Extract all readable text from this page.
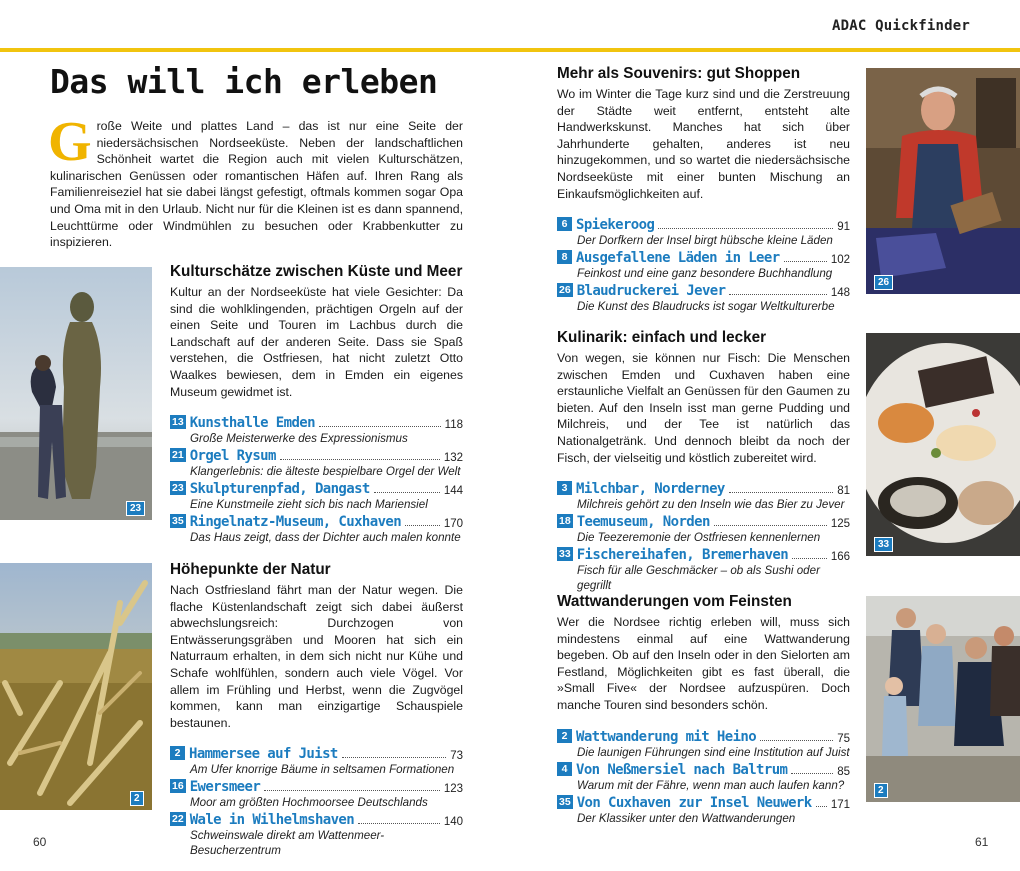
ADAC Quickfinder
Das will ich erleben
Große Weite und plattes Land – das ist nur eine Seite der niedersächsischen Nordseeküste. Neben der landschaftlichen Schönheit wartet die Region auch mit vielen Kulturschätzen, kulinarischen Genüssen oder romantischen Häfen auf. Ihren Rang als Familienreiseziel hat sie dabei längst gefestigt, oftmals kommen sogar Opa und Oma mit in den Urlaub. Nicht nur für die Kleinen ist es dann spannend, Leuchttürme oder Windmühlen zu besuchen oder Krabbenkutter zu inspizieren.
23
2
26
33
2
Kulturschätze zwischen Küste und Meer

Kultur an der Nordseeküste hat viele Gesichter: Da sind die wohlklingenden, prächtigen Orgeln auf der einen Seite und Touren im Lachbus durch die Landschaft auf der anderen Seite. Dass sie Spaß verstehen, die Ostfriesen, hat nicht zuletzt Otto Waalkes bewiesen, dem in Emden ein eigenes Museum gewidmet ist.

13 Kunsthalle Emden	118
Große Meisterwerke des Expressionismus
21 Orgel Rysum	132
Klangerlebnis: die älteste bespielbare Orgel der Welt
23 Skulpturenpfad, Dangast	144
Eine Kunstmeile zieht sich bis nach Mariensiel
35 Ringelnatz-Museum, Cuxhaven	170
Das Haus zeigt, dass der Dichter auch malen konnte
Höhepunkte der Natur

Nach Ostfriesland fährt man der Natur wegen. Die flache Küstenlandschaft zeigt sich dabei äußerst abwechslungsreich: Durchzogen von Entwässerungsgräben und Mooren hat sich ein Naturraum erhalten, in dem sich nicht nur Kühe und Schafe wohlfühlen, sondern auch viele Vögel. Vor allem im Frühling und Herbst, wenn die Zugvögel kommen, kann man einzigartige Schauspiele bestaunen.

2 Hammersee auf Juist	73
Am Ufer knorrige Bäume in seltsamen Formationen
16 Ewersmeer	123
Moor am größten Hochmoorsee Deutschlands
22 Wale in Wilhelmshaven	140
Schweinswale direkt am Wattenmeer-Besucherzentrum
Mehr als Souvenirs: gut Shoppen

Wo im Winter die Tage kurz sind und die Zerstreuung der Städte weit entfernt, entsteht alte Handwerkskunst. Manches hat sich über Jahrhunderte gehalten, anderes ist neu hinzugekommen, und so wartet die niedersächsische Nordseeküste mit einer bunten Mischung an Einkaufsmöglichkeiten auf.

6 Spiekeroog	91
Der Dorfkern der Insel birgt hübsche kleine Läden
8 Ausgefallene Läden in Leer	102
Feinkost und eine ganz besondere Buchhandlung
26 Blaudruckerei Jever	148
Die Kunst des Blaudrucks ist sogar Weltkulturerbe
Kulinarik: einfach und lecker

Von wegen, sie können nur Fisch: Die Menschen zwischen Emden und Cuxhaven haben eine erstaunliche Vielfalt an Genüssen für den Gaumen zu bieten. Auf den Inseln isst man gerne Pudding und Milchreis, und der Tee ist natürlich das Nationalgetränk. Und dennoch bleibt da noch der Fisch, der vielseitig und köstlich zubereitet wird.

3 Milchbar, Norderney	81
Milchreis gehört zu den Inseln wie das Bier zu Jever
18 Teemuseum, Norden	125
Die Teezeremonie der Ostfriesen kennenlernen
33 Fischereihafen, Bremerhaven	166
Fisch für alle Geschmäcker – ob als Sushi oder gegrillt
Wattwanderungen vom Feinsten

Wer die Nordsee richtig erleben will, muss sich mindestens einmal auf eine Wattwanderung begeben. Ob auf den Inseln oder in den Sielorten am Festland, Möglichkeiten gibt es fast überall, die »Small Five« der Nordsee aufzuspüren. Doch manche Touren sind besonders schön.

2 Wattwanderung mit Heino	75
Die launigen Führungen sind eine Institution auf Juist
4 Von Neßmersiel nach Baltrum	85
Warum mit der Fähre, wenn man auch laufen kann?
35 Von Cuxhaven zur Insel Neuwerk 171
Der Klassiker unter den Wattwanderungen
60	61
